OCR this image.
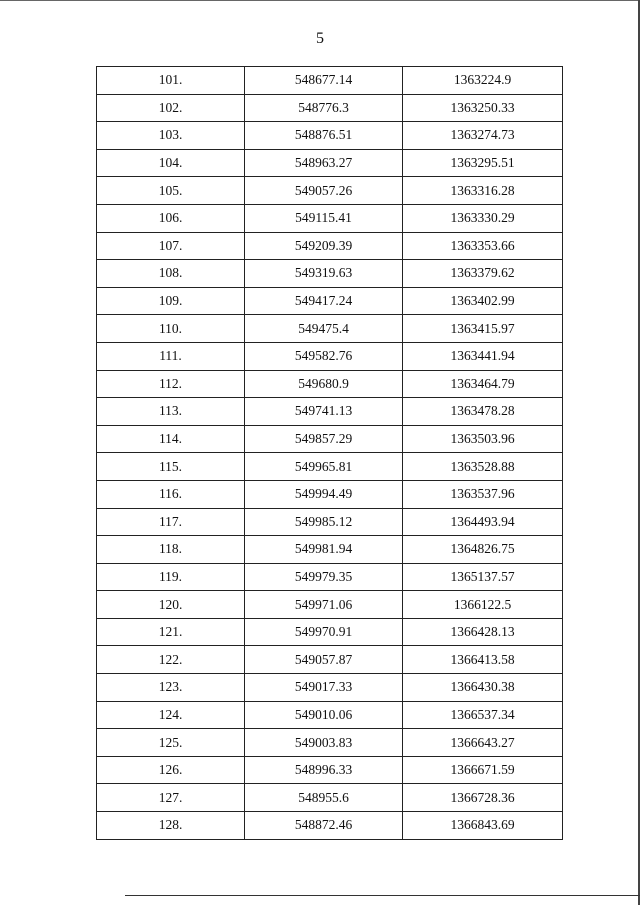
5
101.	548677.14	1363224.9
102.	548776.3	1363250.33
103.	548876.51	1363274.73
104.	548963.27	1363295.51
105.	549057.26	1363316.28
106.	549115.41	1363330.29
107.	549209.39	1363353.66
108.	549319.63	1363379.62
109.	549417.24	1363402.99
110.	549475.4	1363415.97
111.	549582.76	1363441.94
112.	549680.9	1363464.79
113.	549741.13	1363478.28
114.	549857.29	1363503.96
115.	549965.81	1363528.88
116.	549994.49	1363537.96
117.	549985.12	1364493.94
118.	549981.94	1364826.75
119.	549979.35	1365137.57
120.	549971.06	1366122.5
121.	549970.91	1366428.13
122.	549057.87	1366413.58
123.	549017.33	1366430.38
124.	549010.06	1366537.34
125.	549003.83	1366643.27
126.	548996.33	1366671.59
127.	548955.6	1366728.36
128.	548872.46	1366843.69
